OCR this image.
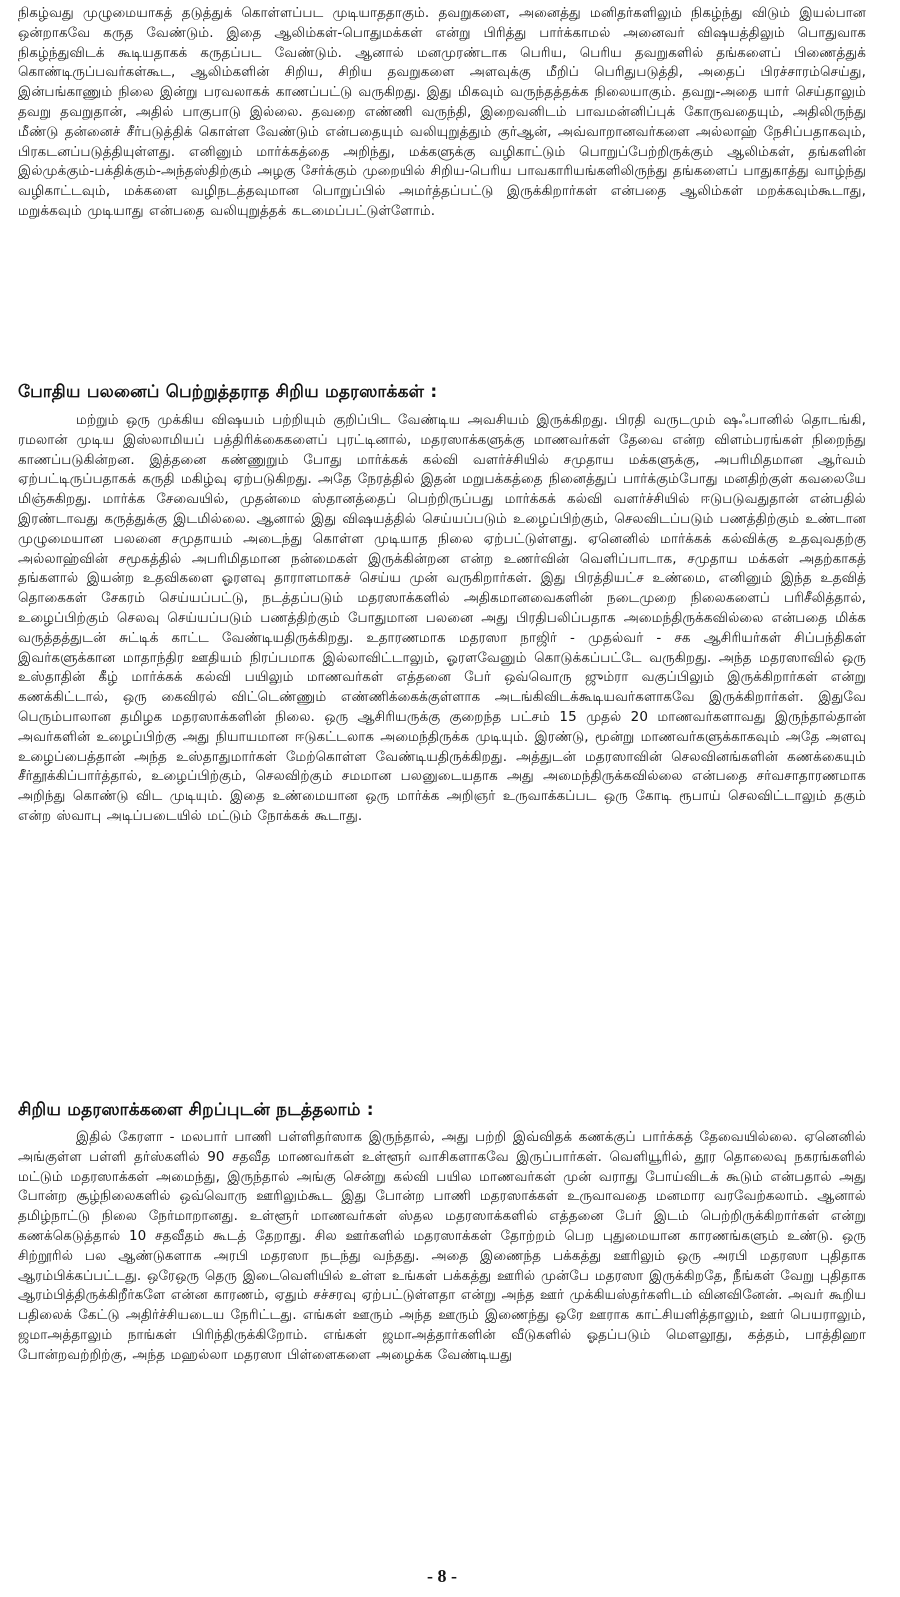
நிகழ்வது முழுமையாகத் தடுத்துக் கொள்ளப்பட முடியாததாகும். தவறுகளை, அனைத்து மனிதர்களிலும் நிகழ்ந்து விடும் இயல்பான ஒன்றாகவே கருத வேண்டும். இதை ஆலிம்கள்-பொதுமக்கள் என்று பிரித்து பார்க்காமல் அனைவர் விஷயத்திலும் பொதுவாக நிகழ்ந்துவிடக் கூடியதாகக் கருதப்பட வேண்டும். ஆனால் மனமுரண்டாக பெரிய, பெரிய தவறுகளில் தங்களைப் பிணைத்துக் கொண்டிருப்பவர்கள்கூட, ஆலிம்களின் சிறிய, சிறிய தவறுகளை அளவுக்கு மீறிப் பெரிதுபடுத்தி, அதைப் பிரச்சாரம்செய்து, இன்பங்காணும் நிலை இன்று பரவலாகக் காணப்பட்டு வருகிறது. இது மிகவும் வருந்தத்தக்க நிலையாகும். தவறு-அதை யார் செய்தாலும் தவறு தவறுதான், அதில் பாகுபாடு இல்லை. தவறை எண்ணி வருந்தி, இறைவனிடம் பாவமன்னிப்புக் கோருவதையும், அதிலிருந்து மீண்டு தன்னைச் சீர்படுத்திக் கொள்ள வேண்டும் என்பதையும் வலியுறுத்தும் குர்ஆன், அவ்வாறானவர்களை அல்லாஹ் நேசிப்பதாகவும், பிரகடனப்படுத்தியுள்ளது. எனினும் மார்க்கத்தை அறிந்து, மக்களுக்கு வழிகாட்டும் பொறுப்பேற்றிருக்கும் ஆலிம்கள், தங்களின் இல்முக்கும்-பக்திக்கும்-அந்தஸ்திற்கும் அழகு சேர்க்கும் முறையில் சிறிய-பெரிய பாவகாரியங்களிலிருந்து தங்களைப் பாதுகாத்து வாழ்ந்து வழிகாட்டவும், மக்களை வழிநடத்தவுமான பொறுப்பில் அமர்த்தப்பட்டு இருக்கிறார்கள் என்பதை ஆலிம்கள் மறக்கவும்கூடாது, மறுக்கவும் முடியாது என்பதை வலியுறுத்தக் கடமைப்பட்டுள்ளோம்.

போதிய பலனைப் பெற்றுத்தராத சிறிய மதரஸாக்கள் :

மற்றும் ஒரு முக்கிய விஷயம் பற்றியும் குறிப்பிட வேண்டிய அவசியம் இருக்கிறது. பிரதி வருடமும் ஷஃபானில் தொடங்கி, ரமலான் முடிய இஸ்லாமியப் பத்திரிக்கைகளைப் புரட்டினால், மதரஸாக்களுக்கு மாணவர்கள் தேவை என்ற விளம்பரங்கள் நிறைந்து காணப்படுகின்றன. இத்தனை கண்ணுறும் போது மார்க்கக் கல்வி வளர்ச்சியில் சமுதாய மக்களுக்கு, அபரிமிதமான ஆர்வம் ஏற்பட்டிருப்பதாகக் கருதி மகிழ்வு ஏற்படுகிறது. அதே நேரத்தில் இதன் மறுபக்கத்தை நினைத்துப் பார்க்கும்போது மனதிற்குள் கவலையே மிஞ்சுகிறது. மார்க்க சேவையில், முதன்மை ஸ்தானத்தைப் பெற்றிருப்பது மார்க்கக் கல்வி வளர்ச்சியில் ஈடுபடுவதுதான் என்பதில் இரண்டாவது கருத்துக்கு இடமில்லை. ஆனால் இது விஷயத்தில் செய்யப்படும் உழைப்பிற்கும், செலவிடப்படும் பணத்திற்கும் உண்டான முழுமையான பலனை சமுதாயம் அடைந்து கொள்ள முடியாத நிலை ஏற்பட்டுள்ளது. ஏனெனில் மார்க்கக் கல்விக்கு உதவுவதற்கு அல்லாஹ்வின் சமூகத்தில் அபரிமிதமான நன்மைகள் இருக்கின்றன என்ற உணர்வின் வெளிப்பாடாக, சமுதாய மக்கள் அதற்காகத் தங்களால் இயன்ற உதவிகளை ஓரளவு தாராளமாகச் செய்ய முன் வருகிறார்கள். இது பிரத்தியட்ச உண்மை, எனினும் இந்த உதவித் தொகைகள் சேகரம் செய்யப்பட்டு, நடத்தப்படும் மதரஸாக்களில் அதிகமானவைகளின் நடைமுறை நிலைகளைப் பரிசீலித்தால், உழைப்பிற்கும் செலவு செய்யப்படும் பணத்திற்கும் போதுமான பலனை அது பிரதிபலிப்பதாக அமைந்திருக்கவில்லை என்பதை மிக்க வருத்தத்துடன் சுட்டிக் காட்ட வேண்டியதிருக்கிறது. உதாரணமாக மதரஸா நாஜிர் - முதல்வர் - சக ஆசிரியர்கள் சிப்பந்திகள் இவர்களுக்கான மாதாந்திர ஊதியம் நிரப்பமாக இல்லாவிட்டாலும், ஓரளவேனும் கொடுக்கப்பட்டே வருகிறது. அந்த மதரஸாவில் ஒரு உஸ்தாதின் கீழ் மார்க்கக் கல்வி பயிலும் மாணவர்கள் எத்தனை பேர் ஒவ்வொரு ஜும்ரா வகுப்பிலும் இருக்கிறார்கள் என்று கணக்கிட்டால், ஒரு கைவிரல் விட்டெண்ணும் எண்ணிக்கைக்குள்ளாக அடங்கிவிடக்கூடியவர்களாகவே இருக்கிறார்கள். இதுவே பெரும்பாலான தமிழக மதரஸாக்களின் நிலை. ஒரு ஆசிரியருக்கு குறைந்த பட்சம் 15 முதல் 20 மாணவர்களாவது இருந்தால்தான் அவர்களின் உழைப்பிற்கு அது நியாயமான ஈடுகட்டலாக அமைந்திருக்க முடியும். இரண்டு, மூன்று மாணவர்களுக்காகவும் அதே அளவு உழைப்பைத்தான் அந்த உஸ்தாதுமார்கள் மேற்கொள்ள வேண்டியதிருக்கிறது. அத்துடன் மதரஸாவின் செலவினங்களின் கணக்கையும் சீர்தூக்கிப்பார்த்தால், உழைப்பிற்கும், செலவிற்கும் சமமான பலனுடையதாக அது அமைந்திருக்கவில்லை என்பதை சர்வசாதாரணமாக அறிந்து கொண்டு விட முடியும். இதை உண்மையான ஒரு மார்க்க அறிஞர் உருவாக்கப்பட ஒரு கோடி ரூபாய் செலவிட்டாலும் தகும் என்ற ஸ்வாபு அடிப்படையில் மட்டும் நோக்கக் கூடாது.

சிறிய மதரஸாக்களை சிறப்புடன் நடத்தலாம் :

இதில் கேரளா - மலபார் பாணி பள்ளிதர்ஸாக இருந்தால், அது பற்றி இவ்விதக் கணக்குப் பார்க்கத் தேவையில்லை. ஏனெனில் அங்குள்ள பள்ளி தர்ஸ்களில் 90 சதவீத மாணவர்கள் உள்ளூர் வாசிகளாகவே இருப்பார்கள். வெளியூரில், தூர தொலைவு நகரங்களில் மட்டும் மதரஸாக்கள் அமைந்து, இருந்தால் அங்கு சென்று கல்வி பயில மாணவர்கள் முன் வராது போய்விடக் கூடும் என்பதால் அது போன்ற சூழ்நிலைகளில் ஒவ்வொரு ஊரிலும்கூட இது போன்ற பாணி மதரஸாக்கள் உருவாவதை மனமார வரவேற்கலாம். ஆனால் தமிழ்நாட்டு நிலை நேர்மாறானது. உள்ளூர் மாணவர்கள் ஸ்தல மதரஸாக்களில் எத்தனை பேர் இடம் பெற்றிருக்கிறார்கள் என்று கணக்கெடுத்தால் 10 சதவீதம் கூடத் தேறாது. சில ஊர்களில் மதரஸாக்கள் தோற்றம் பெற புதுமையான காரணங்களும் உண்டு. ஒரு சிற்றூரில் பல ஆண்டுகளாக அரபி மதரஸா நடந்து வந்தது. அதை இணைந்த பக்கத்து ஊரிலும் ஒரு அரபி மதரஸா புதிதாக ஆரம்பிக்கப்பட்டது. ஒரேஒரு தெரு இடைவெளியில் உள்ள உங்கள் பக்கத்து ஊரில் முன்பே மதரஸா இருக்கிறதே, நீங்கள் வேறு புதிதாக ஆரம்பித்திருக்கிறீர்களே என்ன காரணம், ஏதும் சச்சரவு ஏற்பட்டுள்ளதா என்று அந்த ஊர் முக்கியஸ்தர்களிடம் வினவினேன். அவர் கூறிய பதிலைக் கேட்டு அதிர்ச்சியடைய நேரிட்டது. எங்கள் ஊரும் அந்த ஊரும் இணைந்து ஒரே ஊராக காட்சியளித்தாலும், ஊர் பெயராலும், ஜமாஅத்தாலும் நாங்கள் பிரிந்திருக்கிறோம். எங்கள் ஜமாஅத்தார்களின் வீடுகளில் ஓதப்படும் மௌலூது, கத்தம், பாத்திஹா போன்றவற்றிற்கு, அந்த மஹல்லா மதரஸா பிள்ளைகளை அழைக்க வேண்டியது

- 8 -
